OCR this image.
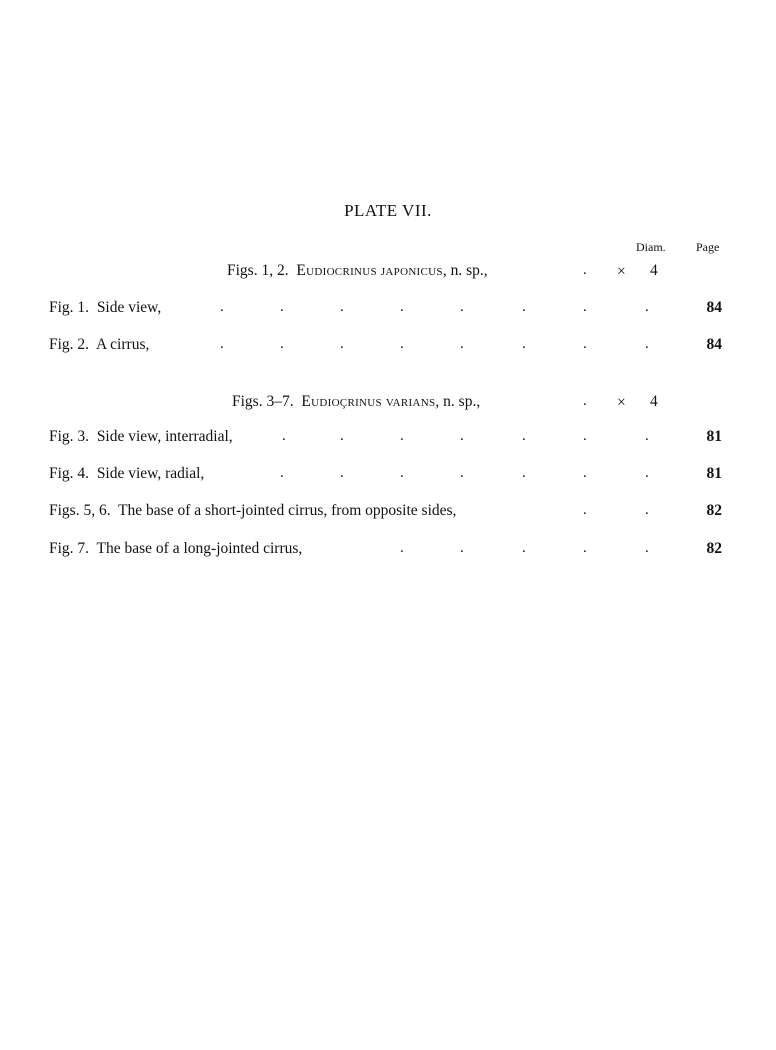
PLATE VII.
Diam.	Page
Figs. 1, 2. Eudiocrinus japonicus, n. sp.,	. × 4
Fig. 1. Side view,	.	.	.	.	.	.	.	.	84
Fig. 2. A cirrus,	.	.	.	.	.	.	.	.	84
Figs. 3–7. Eudioçrinus varians, n. sp.,	. × 4
Fig. 3. Side view, interradial,	.	.	.	.	.	.	.	81
Fig. 4. Side view, radial,	.	.	.	.	.	.	.	81
Figs. 5, 6. The base of a short-jointed cirrus, from opposite sides,	.	.	82
Fig. 7. The base of a long-jointed cirrus,	.	.	.	.	.	82
